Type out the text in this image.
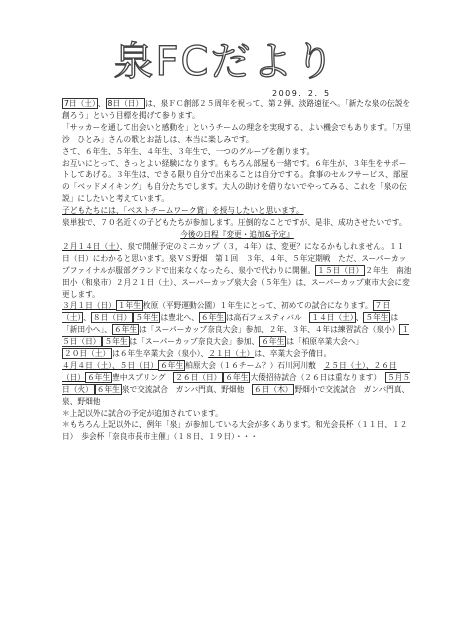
泉FCだより
2009．2．5

7日（土） 、 8日（日） は、泉ＦＣ創部２５周年を祝って、第２弾、淡路遠征へ。「新たな泉の伝説を創ろう」という目標を掲げて参ります。

「サッカーを通して出会いと感動を」というチームの理念を実現する、よい機会でもあります。「万里沙　ひとみ」さんの歌とお話しは、本当に楽しみです。

さて、６年生、５年生、４年生、３年生で、一つのグループを創ります。

お互いにとって、きっとよい経験になります。もちろん部屋も一緒です。６年生が、３年生をサポートしてあげる。３年生は、できる限り自分で出来ることは自分でする。食事のセルフサービス、部屋の「ベッドメイキング」も自分たちでします。大人の助けを借りないでやってみる、これを「泉の伝説」にしたいと考えています。

子どもたちには、「ベストチームワーク賞」を授与したいと思います。

泉単独で、７０名近くの子どもたちが参加します。圧倒的なことですが、是非、成功させたいです。

今後の日程『変更・追加&予定』

２月１４日（土）、泉で開催予定のミニカップ（３，４年）は、変更？になるかもしれません。１１日（日）にわかると思います。泉ＶＳ野畑　第１回　３年、４年、５年定期戦　ただ、スーパーカップファイナルが服部グランドで出来なくなったら、泉小で代わりに開催。 １５日（日） ２年生　南池田小（和泉市）２月２１日（土）、スーパーカップ泉大会（５年生）は、スーパーカップ東市大会に変更します。

３月１日（日） １年生 枚原（平野運動公園）１年生にとって、初めての試合になります。 ７日（土） 、 ８日（日） ５年生 は豊北へ、 ６年生 は高石フェスティバル　 １４日（土） 、 ５年生 は「新田小へ」、 ６年生 は「スーパーカップ奈良大会」参加、２年、３年、４年は練習試合（泉小） １５日（日） ５年生 は「スーパーカップ奈良大会」参加、 ６年生 は「柏原卒業大会へ」　２０日（土） は６年生卒業大会（泉小）、２１日（土）は、卒業大会予備日。

４月４日（土）、５日（日） ６年生 柏原大会（１６チーム？）石川河川敷　 ２５日（土）、２６日（日） ６年生 豊中スプリング　 ２６日（日） ６年生 大倭招待試合（２６日は重なります）　 ５月５日（火） ６年生 泉で交流試合　ガンバ門真、野畑他　 ６日（木） 野畑小で交流試合　ガンバ門真、泉、野畑他

＊上記以外に試合の予定が追加されています。

＊もちろん上記以外に、例年「泉」が参加している大会が多くあります。和光会長杯（１１日、１２日）　歩会杯「奈良市長市主催」（１８日、１９日）・・・
